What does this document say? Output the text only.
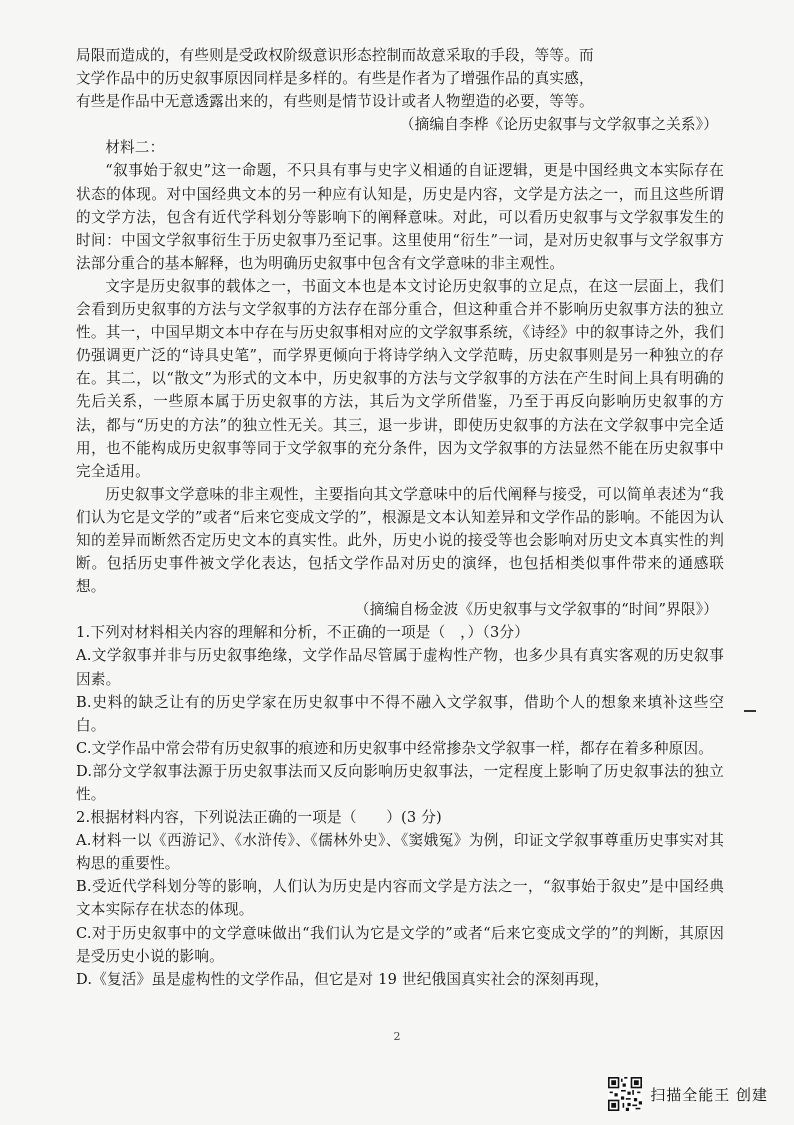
局限而造成的，有些则是受政权阶级意识形态控制而故意采取的手段，等等。而

文学作品中的历史叙事原因同样是多样的。有些是作者为了增强作品的真实感，

有些是作品中无意透露出来的，有些则是情节设计或者人物塑造的必要，等等。

（摘编自李桦《论历史叙事与文学叙事之关系》）

材料二：

“叙事始于叙史”这一命题，不只具有事与史字义相通的自证逻辑，更是中国经典文本实际存在状态的体现。对中国经典文本的另一种应有认知是，历史是内容，文学是方法之一，而且这些所谓的文学方法，包含有近代学科划分等影响下的阐释意味。对此，可以看历史叙事与文学叙事发生的时间：中国文学叙事衍生于历史叙事乃至记事。这里使用“衍生”一词，是对历史叙事与文学叙事方法部分重合的基本解释，也为明确历史叙事中包含有文学意味的非主观性。

文字是历史叙事的载体之一，书面文本也是本文讨论历史叙事的立足点，在这一层面上，我们会看到历史叙事的方法与文学叙事的方法存在部分重合，但这种重合并不影响历史叙事方法的独立性。其一，中国早期文本中存在与历史叙事相对应的文学叙事系统，《诗经》中的叙事诗之外，我们仍强调更广泛的“诗具史笔”，而学界更倾向于将诗学纳入文学范畴，历史叙事则是另一种独立的存在。其二，以“散文”为形式的文本中，历史叙事的方法与文学叙事的方法在产生时间上具有明确的先后关系，一些原本属于历史叙事的方法，其后为文学所借鉴，乃至于再反向影响历史叙事的方法，都与“历史的方法”的独立性无关。其三，退一步讲，即使历史叙事的方法在文学叙事中完全适用，也不能构成历史叙事等同于文学叙事的充分条件，因为文学叙事的方法显然不能在历史叙事中完全适用。

历史叙事文学意味的非主观性，主要指向其文学意味中的后代阐释与接受，可以简单表述为“我们认为它是文学的”或者“后来它变成文学的”，根源是文本认知差异和文学作品的影响。不能因为认知的差异而断然否定历史文本的真实性。此外，历史小说的接受等也会影响对历史文本真实性的判断。包括历史事件被文学化表达，包括文学作品对历史的演绎，也包括相类似事件带来的通感联想。

（摘编自杨金波《历史叙事与文学叙事的“时间”界限》）

1.下列对材料相关内容的理解和分析，不正确的一项是（　，）（3分）

A.文学叙事并非与历史叙事绝缘，文学作品尽管属于虚构性产物，也多少具有真实客观的历史叙事因素。

B.史料的缺乏让有的历史学家在历史叙事中不得不融入文学叙事，借助个人的想象来填补这些空白。

C.文学作品中常会带有历史叙事的痕迹和历史叙事中经常掺杂文学叙事一样，都存在着多种原因。

D.部分文学叙事法源于历史叙事法而又反向影响历史叙事法，一定程度上影响了历史叙事法的独立性。

2.根据材料内容，下列说法正确的一项是（　　）(3 分)

A.材料一以《西游记》、《水浒传》、《儒林外史》、《窦娥冤》为例，印证文学叙事尊重历史事实对其构思的重要性。

B.受近代学科划分等的影响，人们认为历史是内容而文学是方法之一，“叙事始于叙史”是中国经典文本实际存在状态的体现。

C.对于历史叙事中的文学意味做出“我们认为它是文学的”或者“后来它变成文学的”的判断，其原因是受历史小说的影响。

D.《复活》虽是虚构性的文学作品，但它是对 19 世纪俄国真实社会的深刻再现，

2
扫描全能王 创建
